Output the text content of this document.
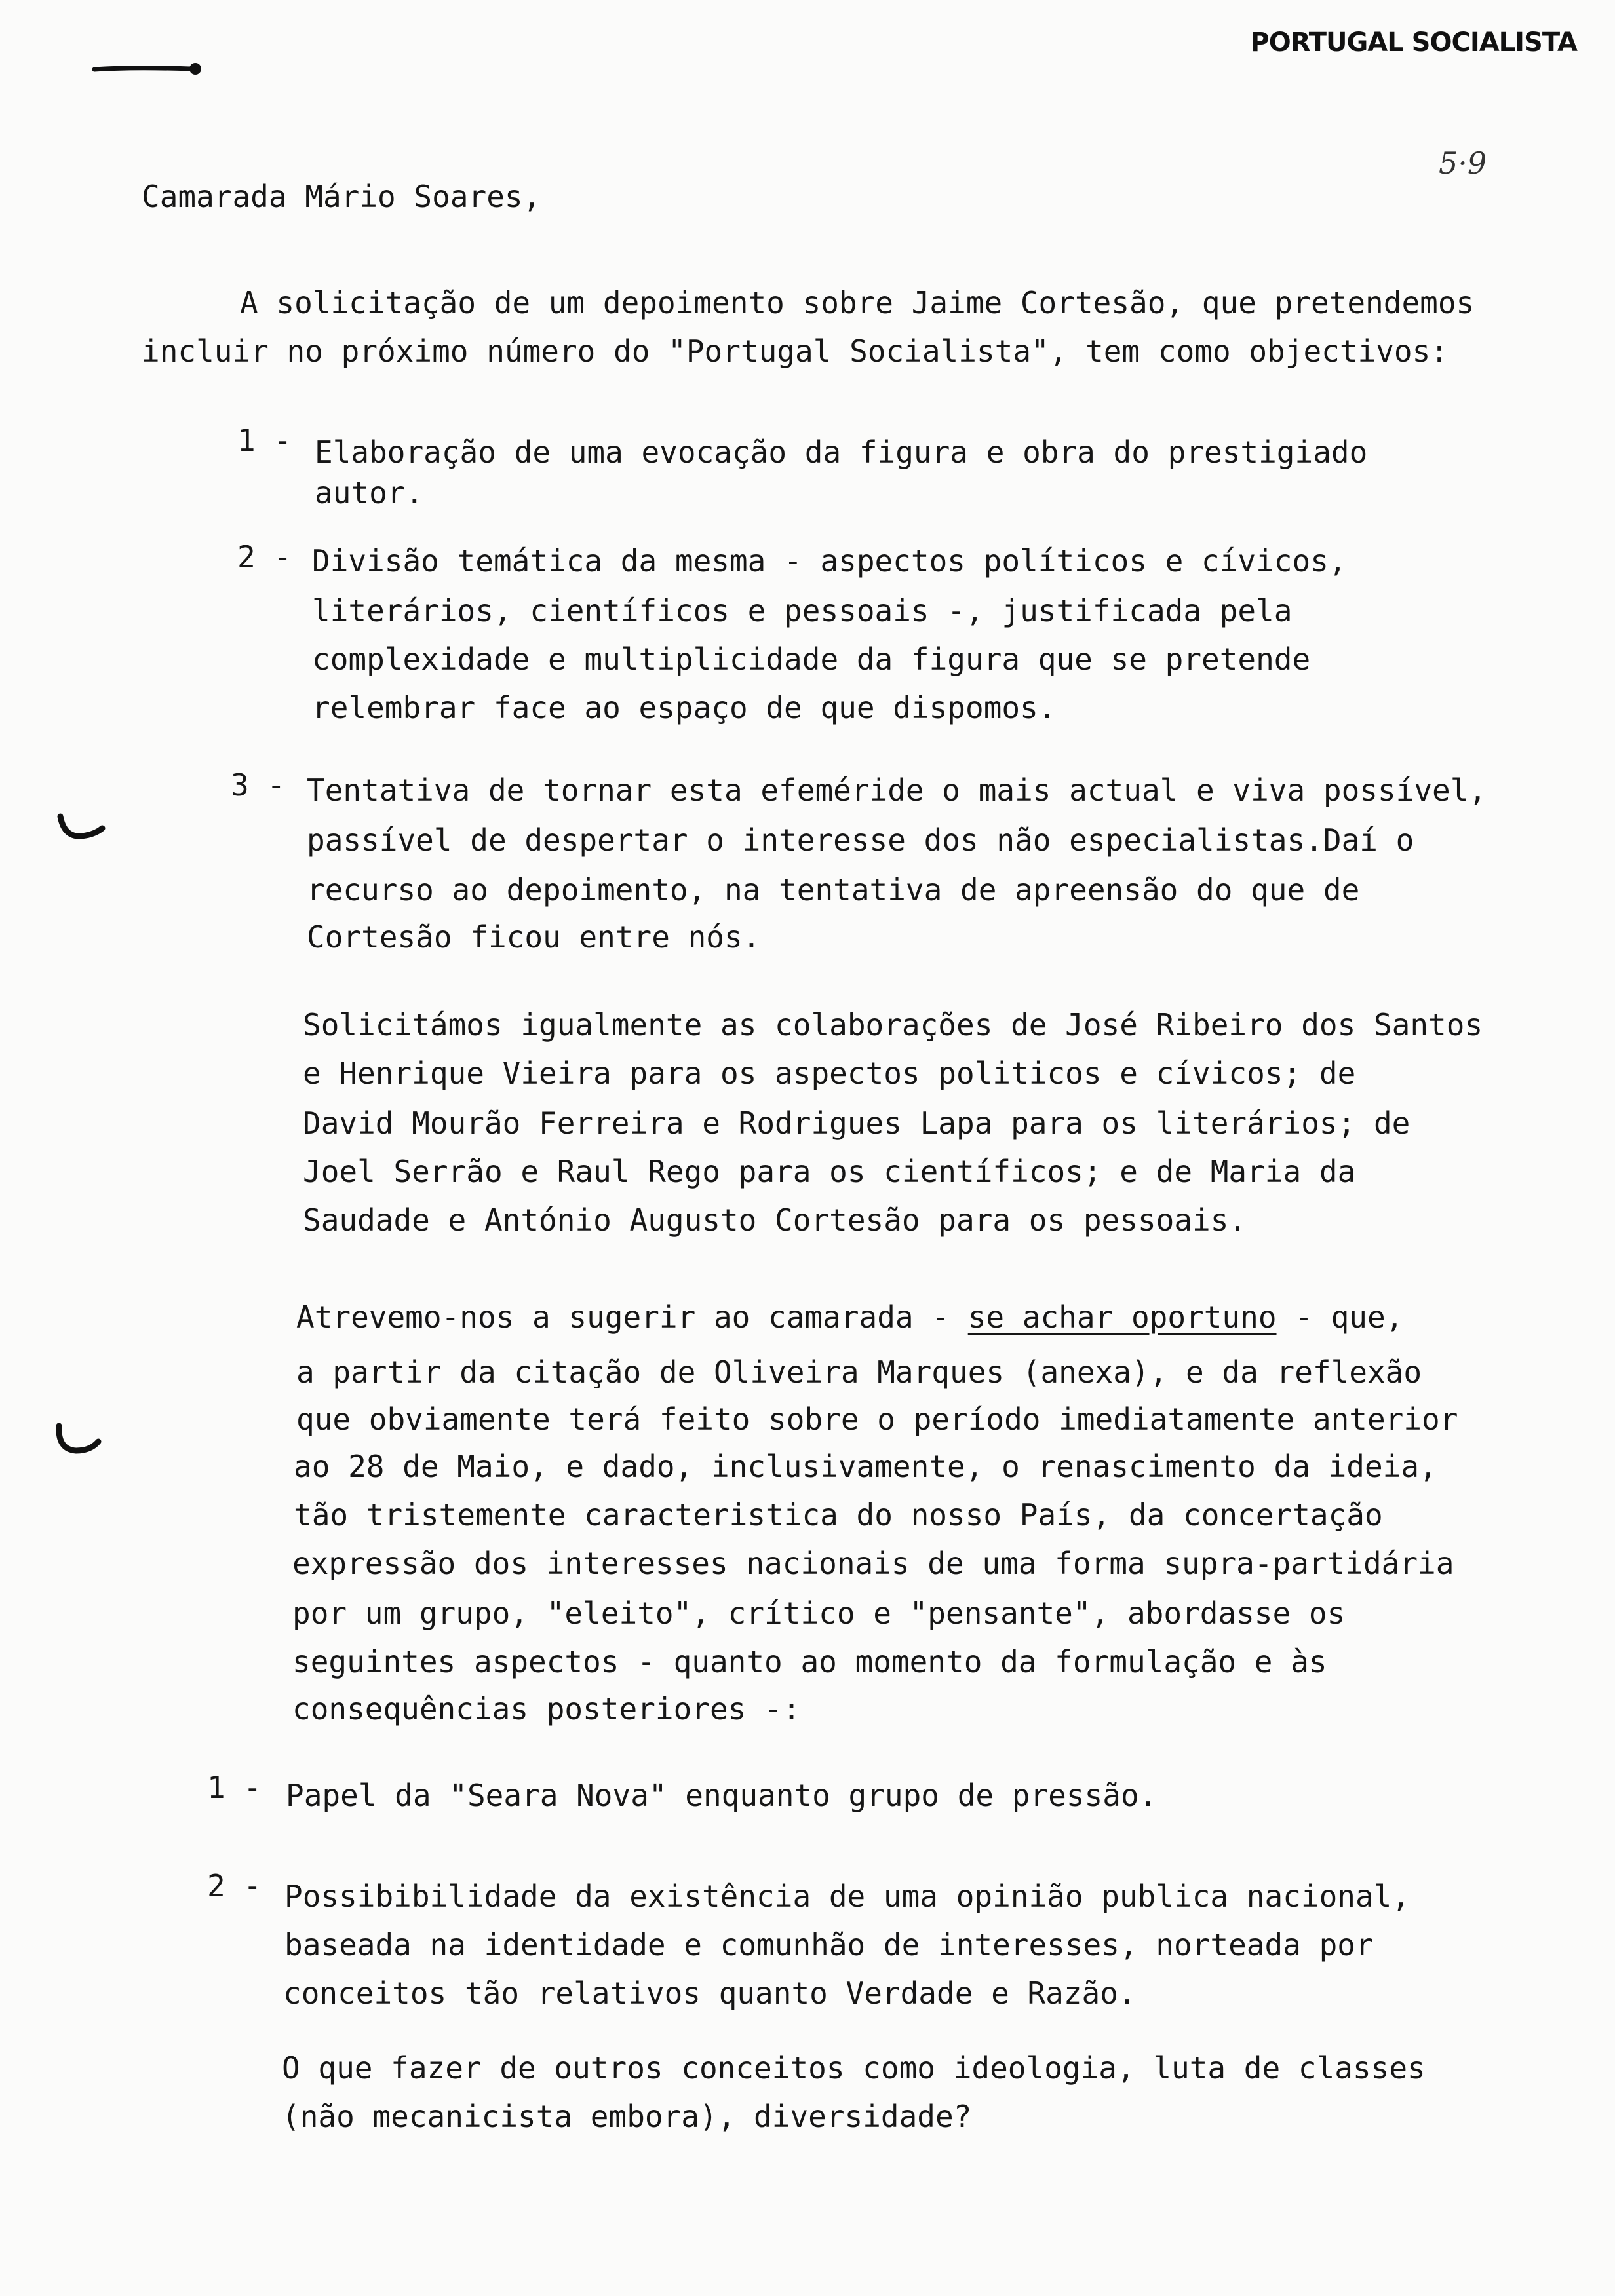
PORTUGAL SOCIALISTA
5·9
Camarada Mário Soares,
A solicitação de um depoimento sobre Jaime Cortesão, que pretendemos
incluir no próximo número do "Portugal Socialista", tem como objectivos:
1 - Elaboração de uma evocação da figura e obra do prestigiado
autor.
2 - Divisão temática da mesma - aspectos políticos e cívicos,
literários, científicos e pessoais -, justificada pela
complexidade e multiplicidade da figura que se pretende
relembrar face ao espaço de que dispomos.
3 - Tentativa de tornar esta efeméride o mais actual e viva possível,
passível de despertar o interesse dos não especialistas.Daí o
recurso ao depoimento, na tentativa de apreensão do que de
Cortesão ficou entre nós.
Solicitámos igualmente as colaborações de José Ribeiro dos Santos
e Henrique Vieira para os aspectos politicos e cívicos; de
David Mourão Ferreira e Rodrigues Lapa para os literários; de
Joel Serrão e Raul Rego para os científicos; e de Maria da
Saudade e António Augusto Cortesão para os pessoais.
Atrevemo-nos a sugerir ao camarada - se achar oportuno - que,
a partir da citação de Oliveira Marques (anexa), e da reflexão
que obviamente terá feito sobre o período imediatamente anterior
ao 28 de Maio, e dado, inclusivamente, o renascimento da ideia,
tão tristemente caracteristica do nosso País, da concertação
expressão dos interesses nacionais de uma forma supra-partidária
por um grupo, "eleito", crítico e "pensante", abordasse os
seguintes aspectos - quanto ao momento da formulação e às
consequências posteriores -:
1 - Papel da "Seara Nova" enquanto grupo de pressão.
2 - Possibibilidade da existência de uma opinião publica nacional,
baseada na identidade e comunhão de interesses, norteada por
conceitos tão relativos quanto Verdade e Razão.
O que fazer de outros conceitos como ideologia, luta de classes
(não mecanicista embora), diversidade?
